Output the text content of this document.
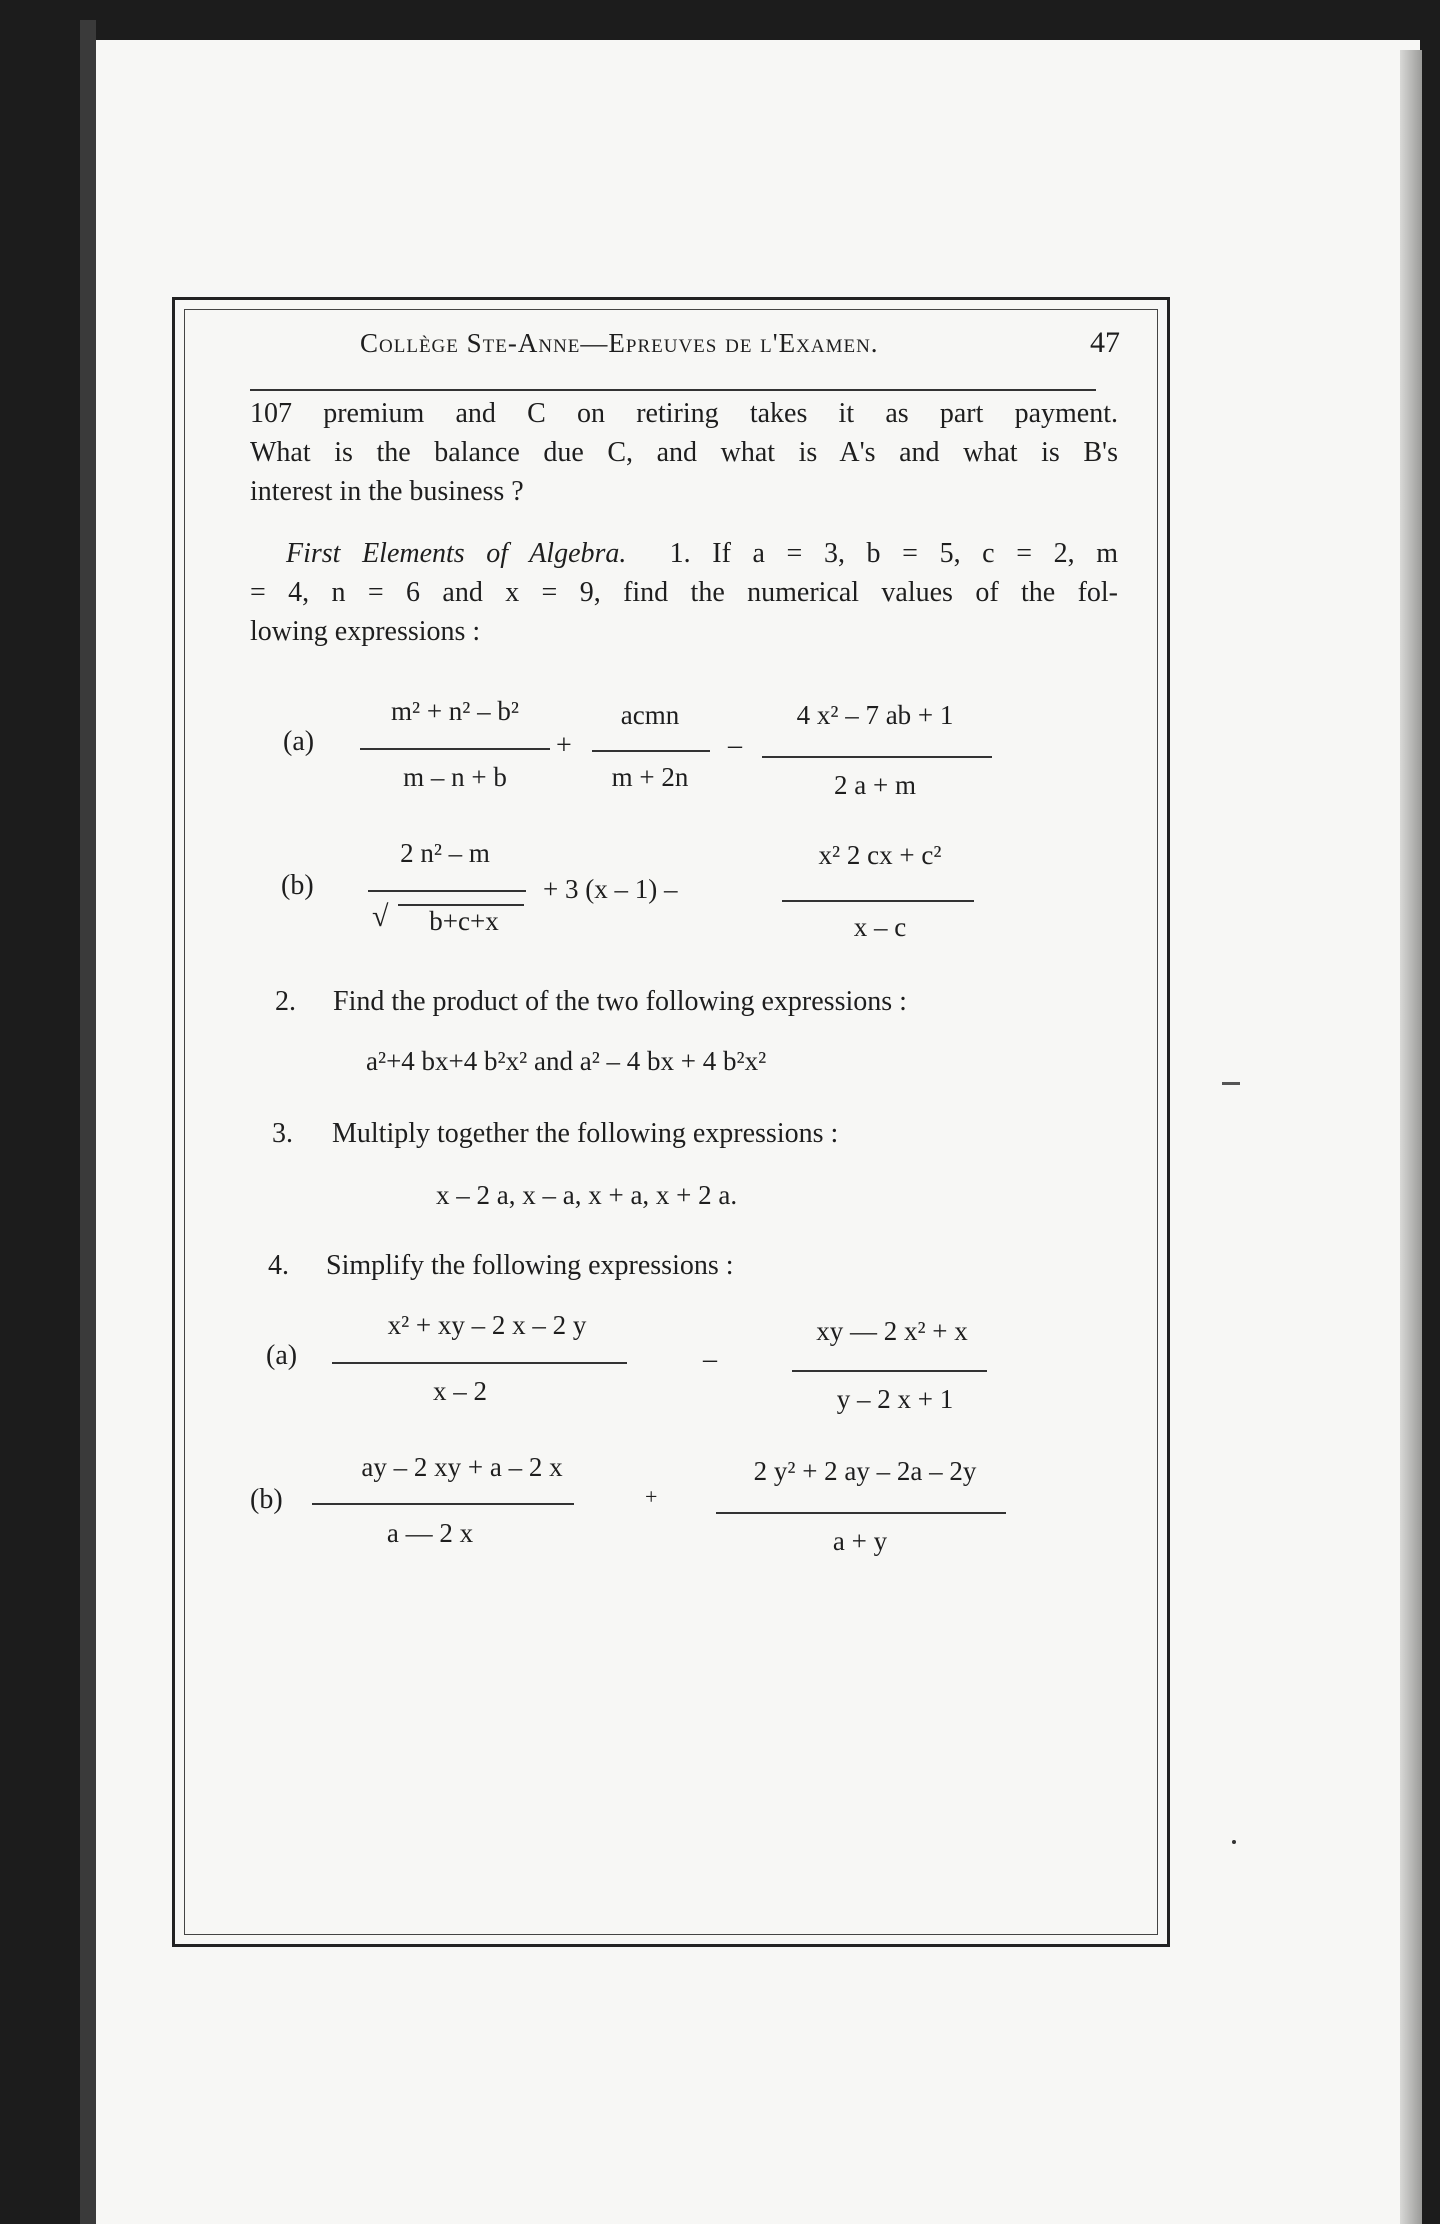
Collège Ste-Anne—Epreuves de l'Examen.	47
107 premium and C on retiring takes it as part payment.
What is the balance due C, and what is A's and what is B's
interest in the business ?
First Elements of Algebra. 1. If a = 3, b = 5, c = 2, m
= 4, n = 6 and x = 9, find the numerical values of the fol-
lowing expressions :
(a)
m² + n² – b²
m – n + b
+
acmn
m + 2n
–
4 x² – 7 ab + 1
2 a + m
(b)
2 n² – m
√	b+c+x
+ 3 (x – 1) –
x² 2 cx + c²
x – c
2. Find the product of the two following expressions :
a²+4 bx+4 b²x² and a² – 4 bx + 4 b²x²
3. Multiply together the following expressions :
x – 2 a, x – a, x + a, x + 2 a.
4. Simplify the following expressions :
(a)
x² + xy – 2 x – 2 y
x – 2
–
xy — 2 x² + x
y – 2 x + 1
(b)
ay – 2 xy + a – 2 x
a — 2 x
+
2 y² + 2 ay – 2a – 2y
a + y
